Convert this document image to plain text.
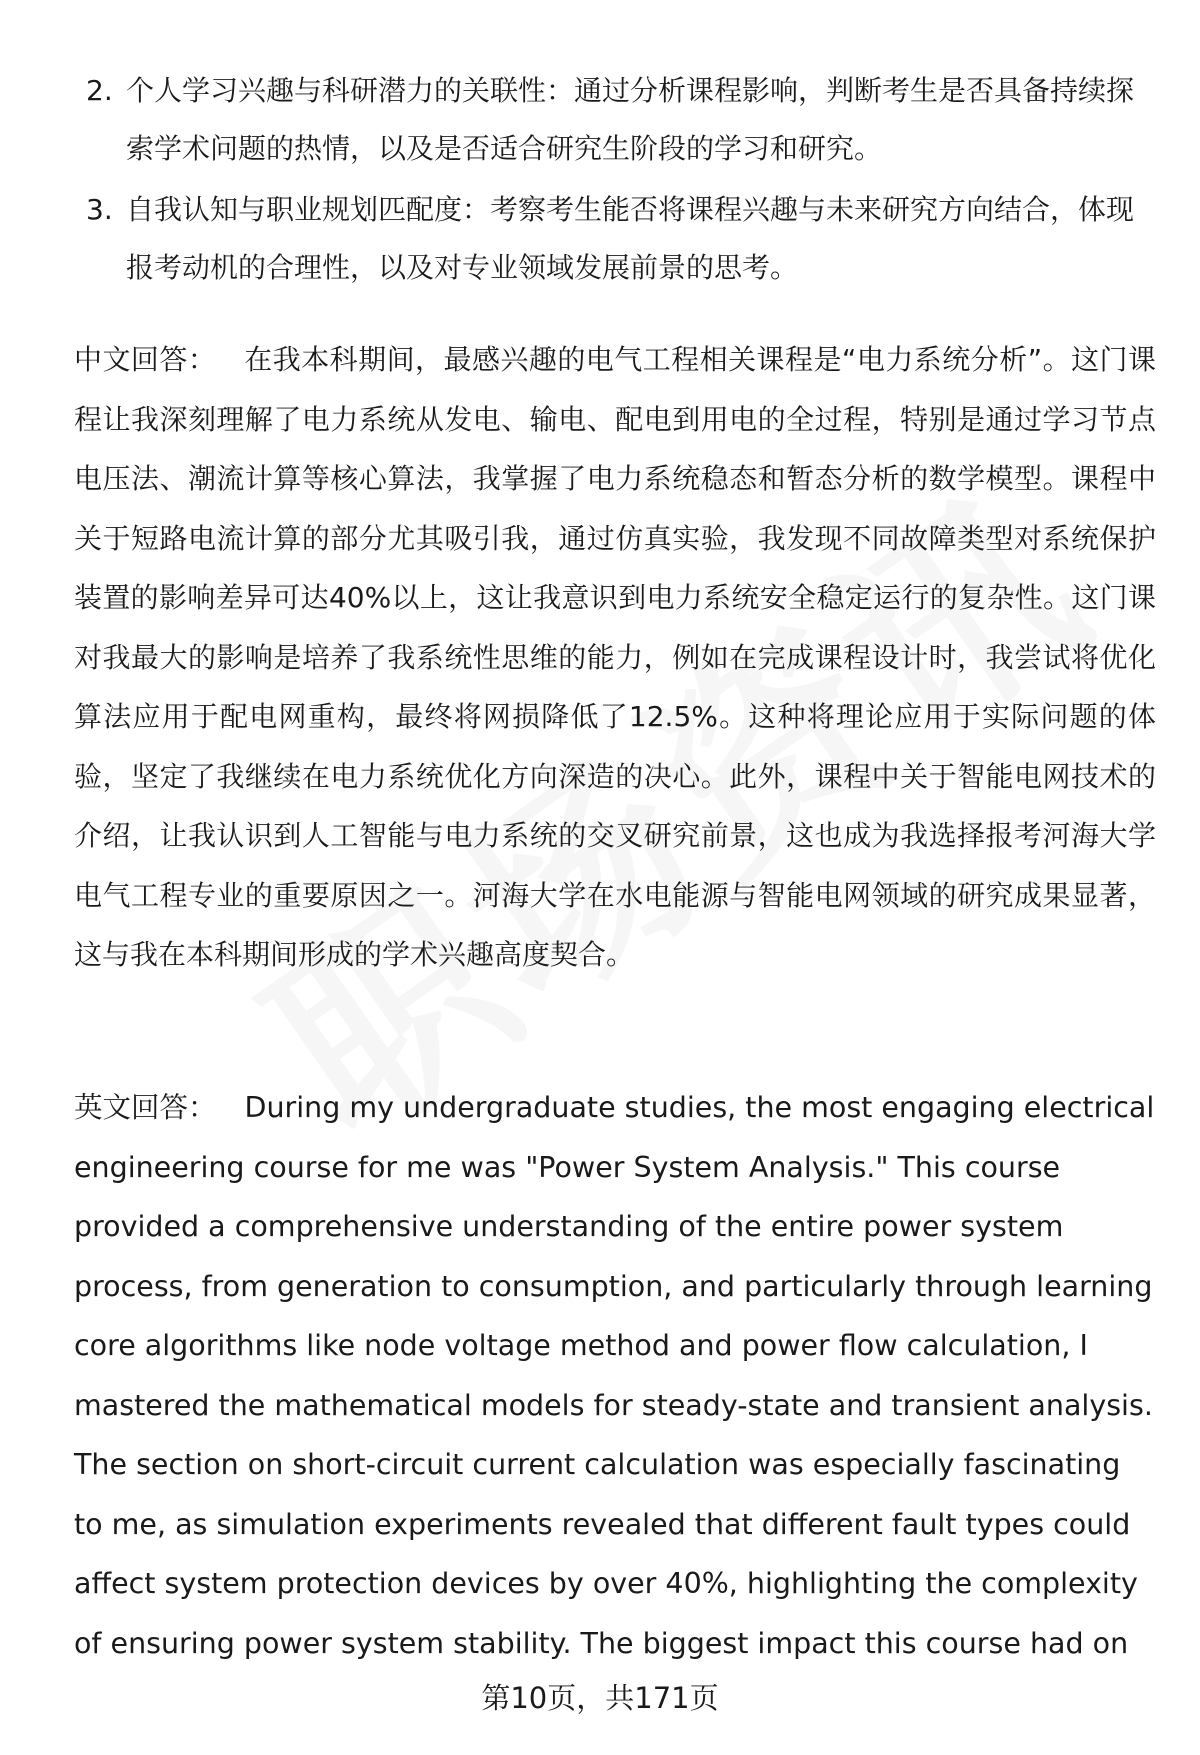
2. 个人学习兴趣与科研潜力的关联性：通过分析课程影响，判断考生是否具备持续探索学术问题的热情，以及是否适合研究生阶段的学习和研究。
3. 自我认知与职业规划匹配度：考察考生能否将课程兴趣与未来研究方向结合，体现报考动机的合理性，以及对专业领域发展前景的思考。

中文回答： 在我本科期间，最感兴趣的电气工程相关课程是“电力系统分析”。这门课程让我深刻理解了电力系统从发电、输电、配电到用电的全过程，特别是通过学习节点电压法、潮流计算等核心算法，我掌握了电力系统稳态和暂态分析的数学模型。课程中关于短路电流计算的部分尤其吸引我，通过仿真实验，我发现不同故障类型对系统保护装置的影响差异可达40%以上，这让我意识到电力系统安全稳定运行的复杂性。这门课对我最大的影响是培养了我系统性思维的能力，例如在完成课程设计时，我尝试将优化算法应用于配电网重构，最终将网损降低了12.5%。这种将理论应用于实际问题的体验，坚定了我继续在电力系统优化方向深造的决心。此外，课程中关于智能电网技术的介绍，让我认识到人工智能与电力系统的交叉研究前景，这也成为我选择报考河海大学电气工程专业的重要原因之一。河海大学在水电能源与智能电网领域的研究成果显著，这与我在本科期间形成的学术兴趣高度契合。

英文回答： During my undergraduate studies, the most engaging electrical engineering course for me was "Power System Analysis." This course provided a comprehensive understanding of the entire power system process, from generation to consumption, and particularly through learning core algorithms like node voltage method and power flow calculation, I mastered the mathematical models for steady-state and transient analysis. The section on short-circuit current calculation was especially fascinating to me, as simulation experiments revealed that different fault types could affect system protection devices by over 40%, highlighting the complexity of ensuring power system stability. The biggest impact this course had on

第10页，共171页
